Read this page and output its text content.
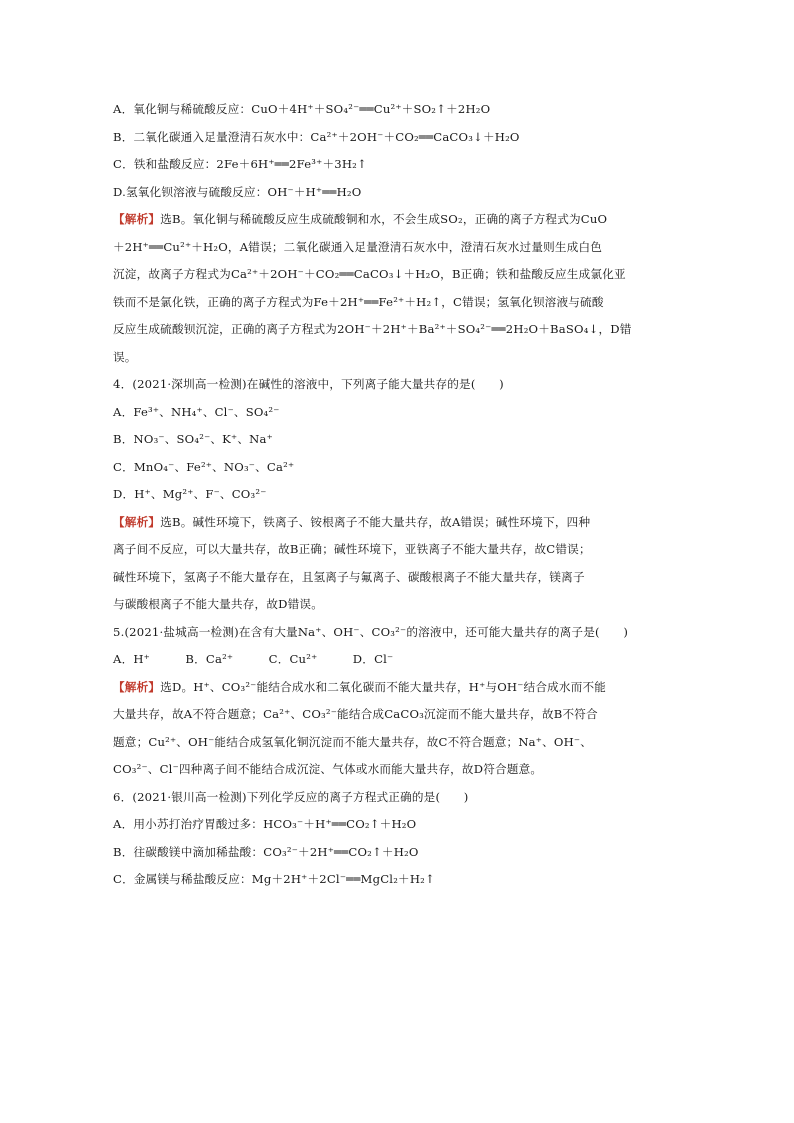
A．氧化铜与稀硫酸反应：CuO＋4H⁺＋SO₄²⁻══Cu²⁺＋SO₂↑＋2H₂O
B．二氧化碳通入足量澄清石灰水中：Ca²⁺＋2OH⁻＋CO₂══CaCO₃↓＋H₂O
C．铁和盐酸反应：2Fe＋6H⁺══2Fe³⁺＋3H₂↑
D.氢氧化钡溶液与硫酸反应：OH⁻＋H⁺══H₂O
【解析】选B。氧化铜与稀硫酸反应生成硫酸铜和水，不会生成SO₂，正确的离子方程式为CuO
＋2H⁺══Cu²⁺＋H₂O，A错误；二氧化碳通入足量澄清石灰水中，澄清石灰水过量则生成白色
沉淀，故离子方程式为Ca²⁺＋2OH⁻＋CO₂══CaCO₃↓＋H₂O，B正确；铁和盐酸反应生成氯化亚
铁而不是氯化铁，正确的离子方程式为Fe＋2H⁺══Fe²⁺＋H₂↑，C错误；氢氧化钡溶液与硫酸
反应生成硫酸钡沉淀，正确的离子方程式为2OH⁻＋2H⁺＋Ba²⁺＋SO₄²⁻══2H₂O＋BaSO₄↓，D错
误。
4．(2021·深圳高一检测)在碱性的溶液中，下列离子能大量共存的是(　　)
A．Fe³⁺、NH₄⁺、Cl⁻、SO₄²⁻
B．NO₃⁻、SO₄²⁻、K⁺、Na⁺
C．MnO₄⁻、Fe²⁺、NO₃⁻、Ca²⁺
D．H⁺、Mg²⁺、F⁻、CO₃²⁻
【解析】选B。碱性环境下，铁离子、铵根离子不能大量共存，故A错误；碱性环境下，四种
离子间不反应，可以大量共存，故B正确；碱性环境下，亚铁离子不能大量共存，故C错误；
碱性环境下，氢离子不能大量存在，且氢离子与氟离子、碳酸根离子不能大量共存，镁离子
与碳酸根离子不能大量共存，故D错误。
5.(2021·盐城高一检测)在含有大量Na⁺、OH⁻、CO₃²⁻的溶液中，还可能大量共存的离子是(　　)
A．H⁺　　　B．Ca²⁺　　　C．Cu²⁺　　　D．Cl⁻
【解析】选D。H⁺、CO₃²⁻能结合成水和二氧化碳而不能大量共存，H⁺与OH⁻结合成水而不能
大量共存，故A不符合题意；Ca²⁺、CO₃²⁻能结合成CaCO₃沉淀而不能大量共存，故B不符合
题意；Cu²⁺、OH⁻能结合成氢氧化铜沉淀而不能大量共存，故C不符合题意；Na⁺、OH⁻、
CO₃²⁻、Cl⁻四种离子间不能结合成沉淀、气体或水而能大量共存，故D符合题意。
6．(2021·银川高一检测)下列化学反应的离子方程式正确的是(　　)
A．用小苏打治疗胃酸过多：HCO₃⁻＋H⁺══CO₂↑＋H₂O
B．往碳酸镁中滴加稀盐酸：CO₃²⁻＋2H⁺══CO₂↑＋H₂O
C．金属镁与稀盐酸反应：Mg＋2H⁺＋2Cl⁻══MgCl₂＋H₂↑
